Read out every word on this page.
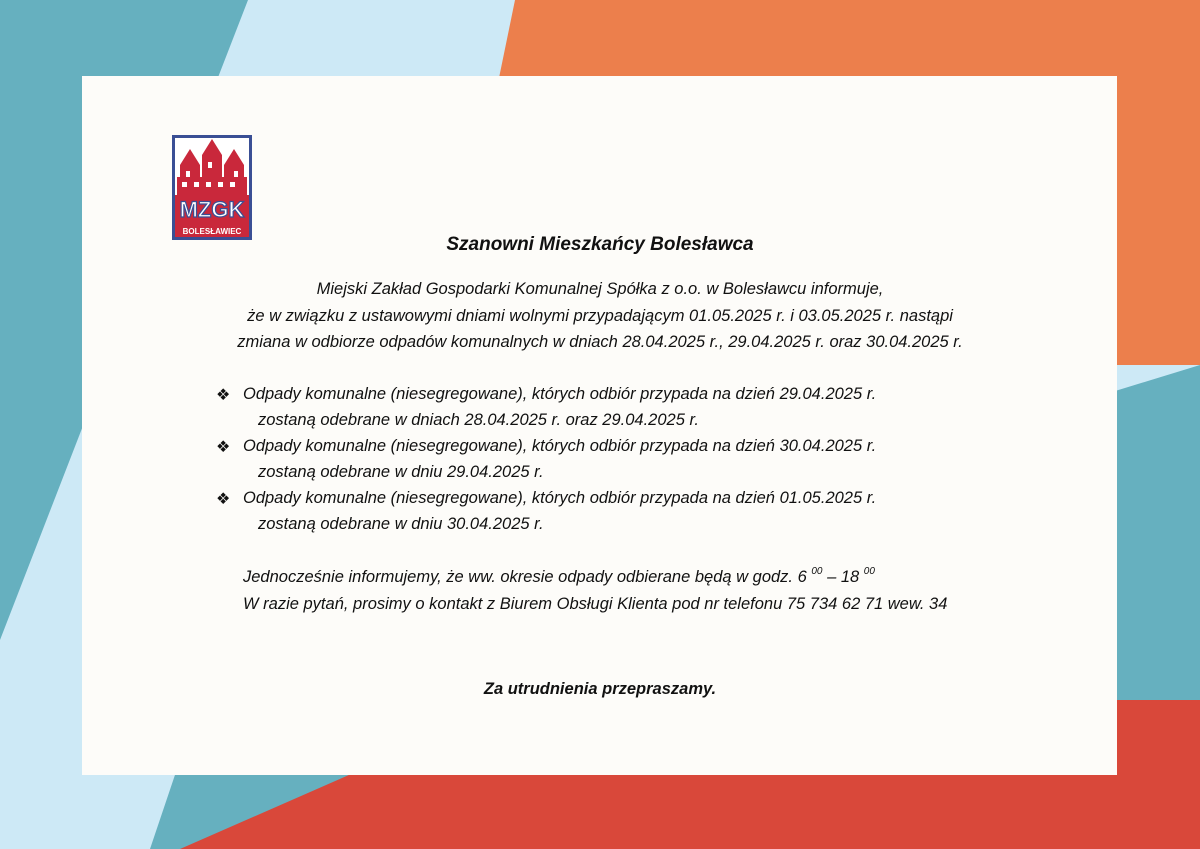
MZGK
BOLESŁAWIEC
Szanowni Mieszkańcy Bolesławca
Miejski Zakład Gospodarki Komunalnej Spółka z o.o. w Bolesławcu informuje,
że w związku z ustawowymi dniami wolnymi przypadającym 01.05.2025 r. i 03.05.2025 r. nastąpi
zmiana w odbiorze odpadów komunalnych w dniach 28.04.2025 r., 29.04.2025 r. oraz 30.04.2025 r.
❖ Odpady komunalne (niesegregowane), których odbiór przypada na dzień 29.04.2025 r.
zostaną odebrane w dniach 28.04.2025 r. oraz 29.04.2025 r.
❖ Odpady komunalne (niesegregowane), których odbiór przypada na dzień 30.04.2025 r.
zostaną odebrane w dniu 29.04.2025 r.
❖ Odpady komunalne (niesegregowane), których odbiór przypada na dzień 01.05.2025 r.
zostaną odebrane w dniu 30.04.2025 r.
Jednocześnie informujemy, że ww. okresie odpady odbierane będą w godz. 6 $^{00}$ – 18 $^{00}$
W razie pytań, prosimy o kontakt z Biurem Obsługi Klienta pod nr telefonu 75 734 62 71 wew. 34
Za utrudnienia przepraszamy.
